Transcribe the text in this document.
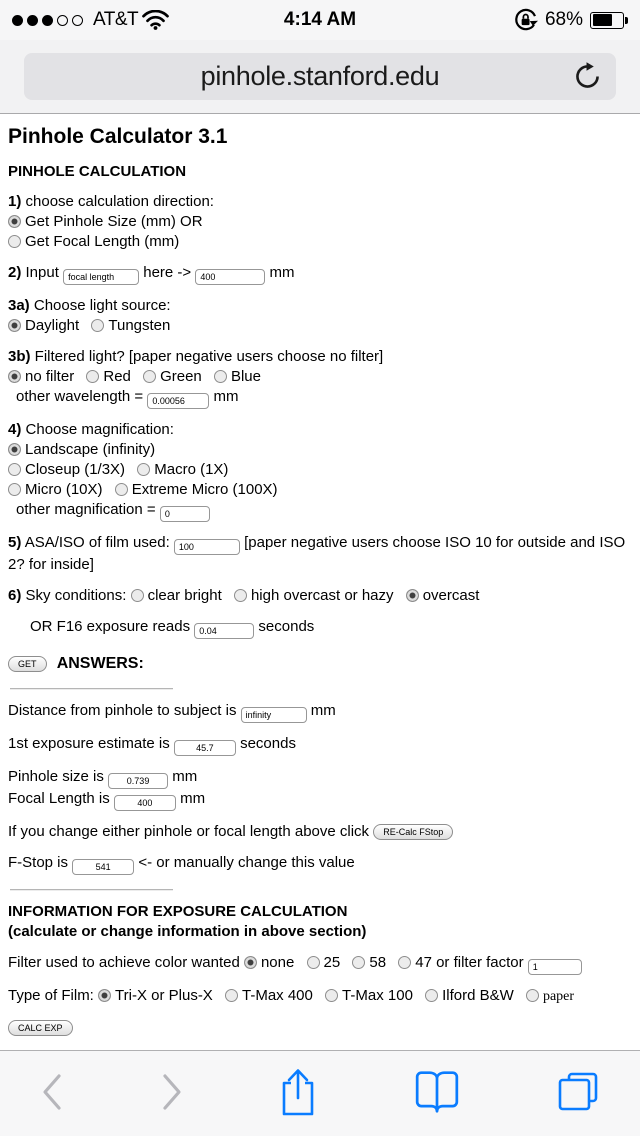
4:14 AM
AT&T	68%
pinhole.stanford.edu
Pinhole Calculator 3.1
PINHOLE CALCULATION
1) choose calculation direction:
Get Pinhole Size (mm) OR
Get Focal Length (mm)
2) Input focal length	here -> 400	mm
3a) Choose light source:
Daylight Tungsten
3b) Filtered light? [paper negative users choose no filter]
no filter Red Green Blue
other wavelength = 0.00056	mm
4) Choose magnification:
Landscape (infinity)
Closeup (1/3X) Macro (1X)
Micro (10X) Extreme Micro (100X)
other magnification = 0
5) ASA/ISO of film used: 100	[paper negative users choose ISO 10 for outside and ISO 2? for inside]
6) Sky conditions: clear bright high overcast or hazy overcast
OR F16 exposure reads 0.04	seconds
GET ANSWERS:
Distance from pinhole to subject is infinity	mm
1st exposure estimate is 45.7	seconds
Pinhole size is 0.739	mm
Focal Length is 400	mm
If you change either pinhole or focal length above click RE-Calc FStop
F-Stop is 541	<- or manually change this value
INFORMATION FOR EXPOSURE CALCULATION
(calculate or change information in above section)
Filter used to achieve color wanted none 25 58 47 or filter factor 1
Type of Film: Tri-X or Plus-X T-Max 400 T-Max 100 Ilford B&W paper
CALC EXP
45.7
359
